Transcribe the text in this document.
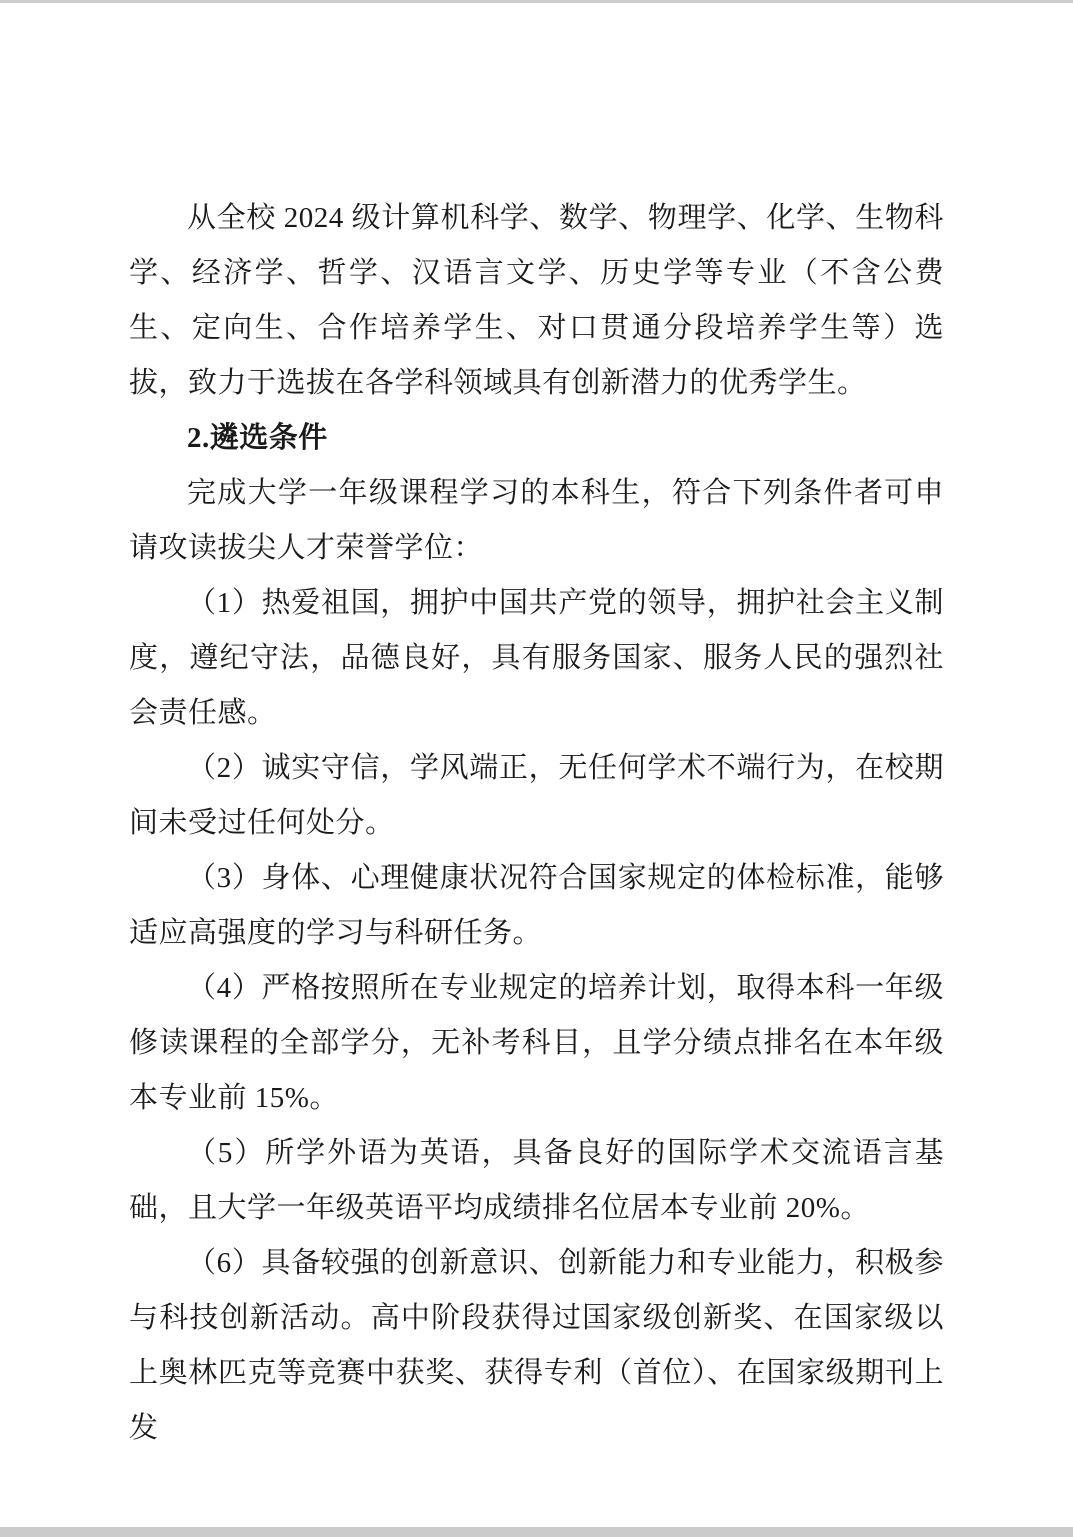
从全校 2024 级计算机科学、数学、物理学、化学、生物科学、经济学、哲学、汉语言文学、历史学等专业（不含公费生、定向生、合作培养学生、对口贯通分段培养学生等）选拔，致力于选拔在各学科领域具有创新潜力的优秀学生。

2.遴选条件

完成大学一年级课程学习的本科生，符合下列条件者可申请攻读拔尖人才荣誉学位：

（1）热爱祖国，拥护中国共产党的领导，拥护社会主义制度，遵纪守法，品德良好，具有服务国家、服务人民的强烈社会责任感。

（2）诚实守信，学风端正，无任何学术不端行为，在校期间未受过任何处分。

（3）身体、心理健康状况符合国家规定的体检标准，能够适应高强度的学习与科研任务。

（4）严格按照所在专业规定的培养计划，取得本科一年级修读课程的全部学分，无补考科目，且学分绩点排名在本年级本专业前 15%。

（5）所学外语为英语，具备良好的国际学术交流语言基础，且大学一年级英语平均成绩排名位居本专业前 20%。

（6）具备较强的创新意识、创新能力和专业能力，积极参与科技创新活动。高中阶段获得过国家级创新奖、在国家级以上奥林匹克等竞赛中获奖、获得专利（首位）、在国家级期刊上发
